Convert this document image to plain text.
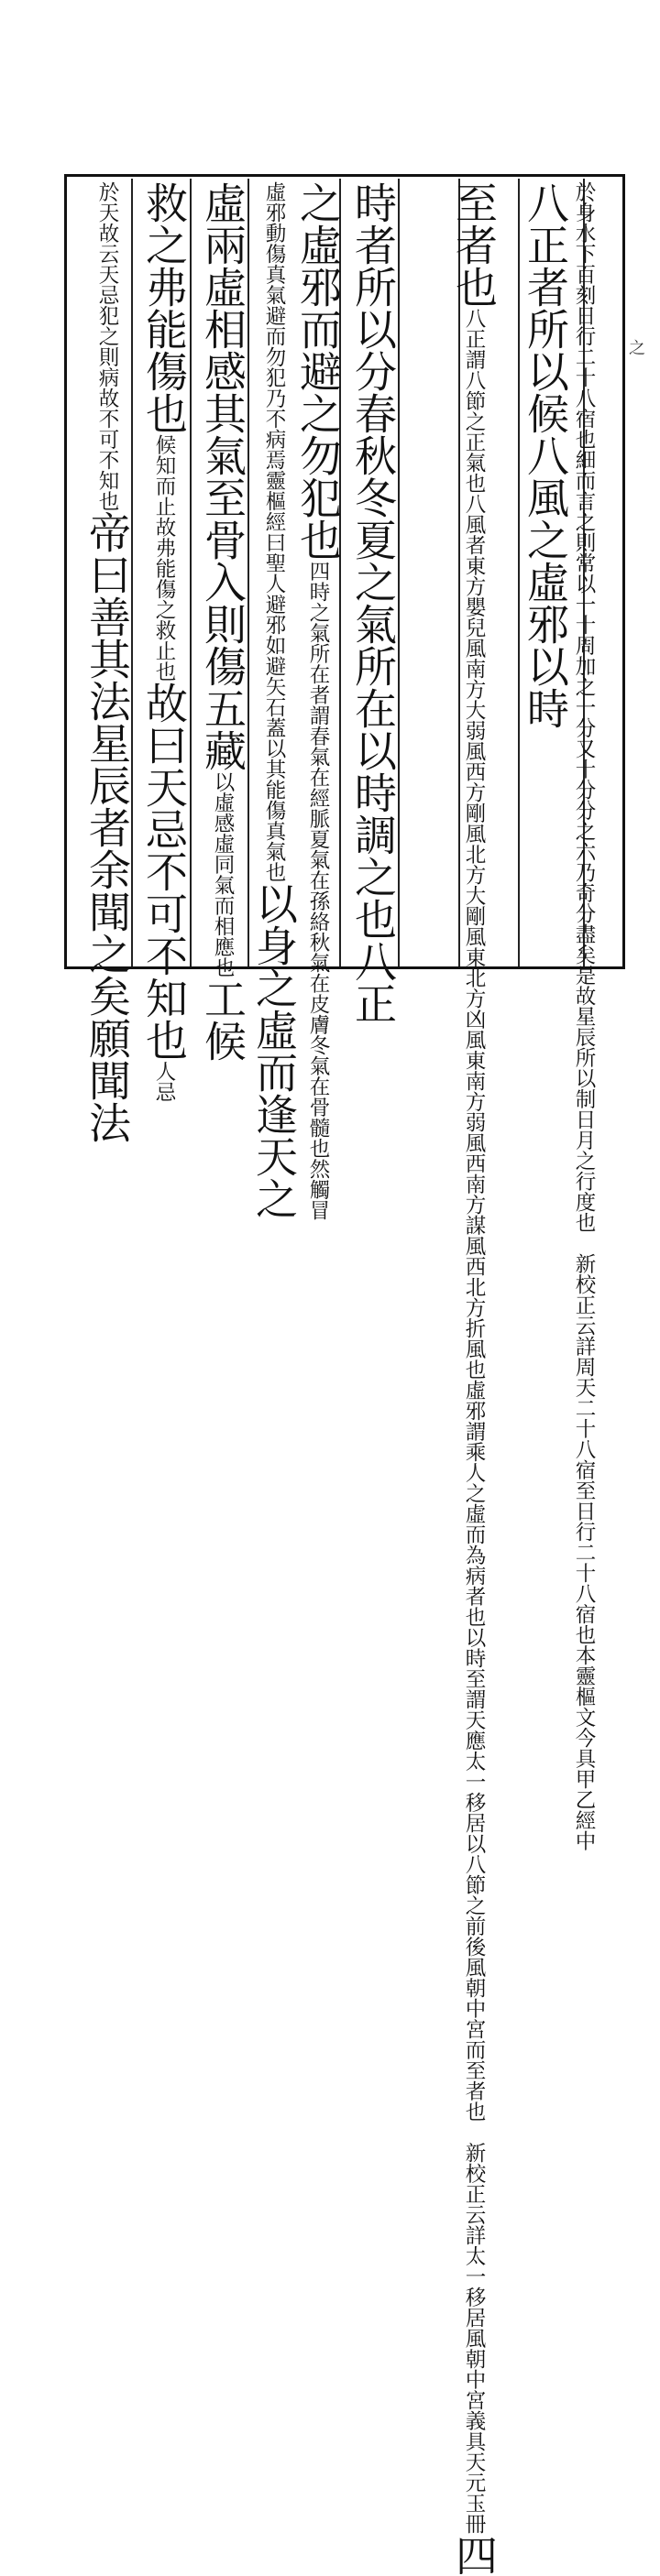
於身水下百刻日行二十八宿也細而言之則常以一十周加之一分又十分分之六乃奇分盡矣是故星辰所以制日月之行度也　新校正云詳周天二十八宿至日行二十八宿也本靈樞文今具甲乙經中
至者也八正謂八節之正氣也八風者東方嬰兒風南方大弱風西方剛風北方大剛風東北方凶風東南方弱風西南方謀風西北方折風也虛邪謂乘人之虛而為病者也以時至謂天應太一移居以八節之前後風朝中宮而至者也　新校正云詳太一移居風朝中宮義具天元玉冊四
八正者所以候八風之虛邪以時
時者所以分春秋冬夏之氣所在以時調之也八正
之虛邪而避之勿犯也四時之氣所在者謂春氣在經脈夏氣在孫絡秋氣在皮膚冬氣在骨髓也然觸冒
虛邪動傷真氣避而勿犯乃不病焉靈樞經曰聖人避邪如避矢石蓋以其能傷真氣也以身之虛而逢天之
虛兩虛相感其氣至骨入則傷五藏以虛感虛同氣而相應也工候
救之弗能傷也候知而止故弗能傷之救止也故曰天忌不可不知也人忌
於天故云天忌犯之則病故不可不知也帝曰善其法星辰者余聞之矣願聞法
之
